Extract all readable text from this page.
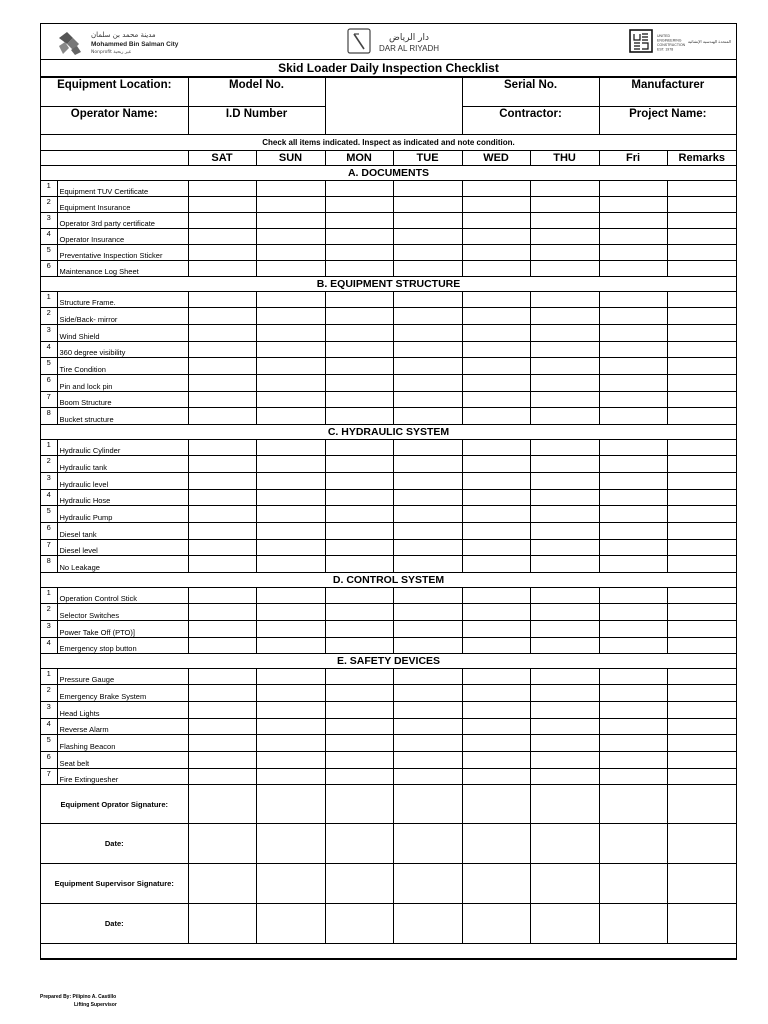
مدينة محمد بن سلمان
Mohammed Bin Salman City
Nonprofit غير ربحية
دار الرياض
DAR AL RIYADH
UNITED
ENGINEERING
CONSTRUCTION
EST. 1978
المتحدة الهندسية الإنشائية
Skid Loader Daily Inspection Checklist
Equipment Location:		Model No.				Serial No.		Manufacturer	
Operator Name:		I.D Number				Contractor:		Project Name:	
Check all items indicated. Inspect as indicated and note condition.									
		SAT	SUN	MON	TUE	WED	THU	Fri	Remarks
A. DOCUMENTS									
1	Equipment TUV Certificate								
2	Equipment Insurance								
3	Operator 3rd party certificate								
4	Operator Insurance								
5	Preventative Inspection Sticker								
6	Maintenance Log Sheet								
B. EQUIPMENT STRUCTURE									
1	Structure Frame.								
2	Side/Back- mirror								
3	Wind Shield								
4	360 degree visibility								
5	Tire Condition								
6	Pin and lock pin								
7	Boom Structure								
8	Bucket structure								
C. HYDRAULIC SYSTEM									
1	Hydraulic Cylinder								
2	Hydraulic tank								
3	Hydraulic level								
4	Hydraulic Hose								
5	Hydraulic Pump								
6	Diesel tank								
7	Diesel level								
8	No Leakage								
D. CONTROL SYSTEM									
1	Operation Control Stick								
2	Selector Switches								
3	Power Take Off (PTO)]								
4	Emergency stop button								
E. SAFETY DEVICES									
1	Pressure Gauge								
2	Emergency Brake System								
3	Head Lights								
4	Reverse Alarm								
5	Flashing Beacon								
6	Seat belt								
7	Fire Extinguesher								
Equipment Oprator Signature:									
Date:									
Equipment Supervisor Signature:									
Date:									

Prepared By: Pilipino A. Castillo
Lifting Supervisor
